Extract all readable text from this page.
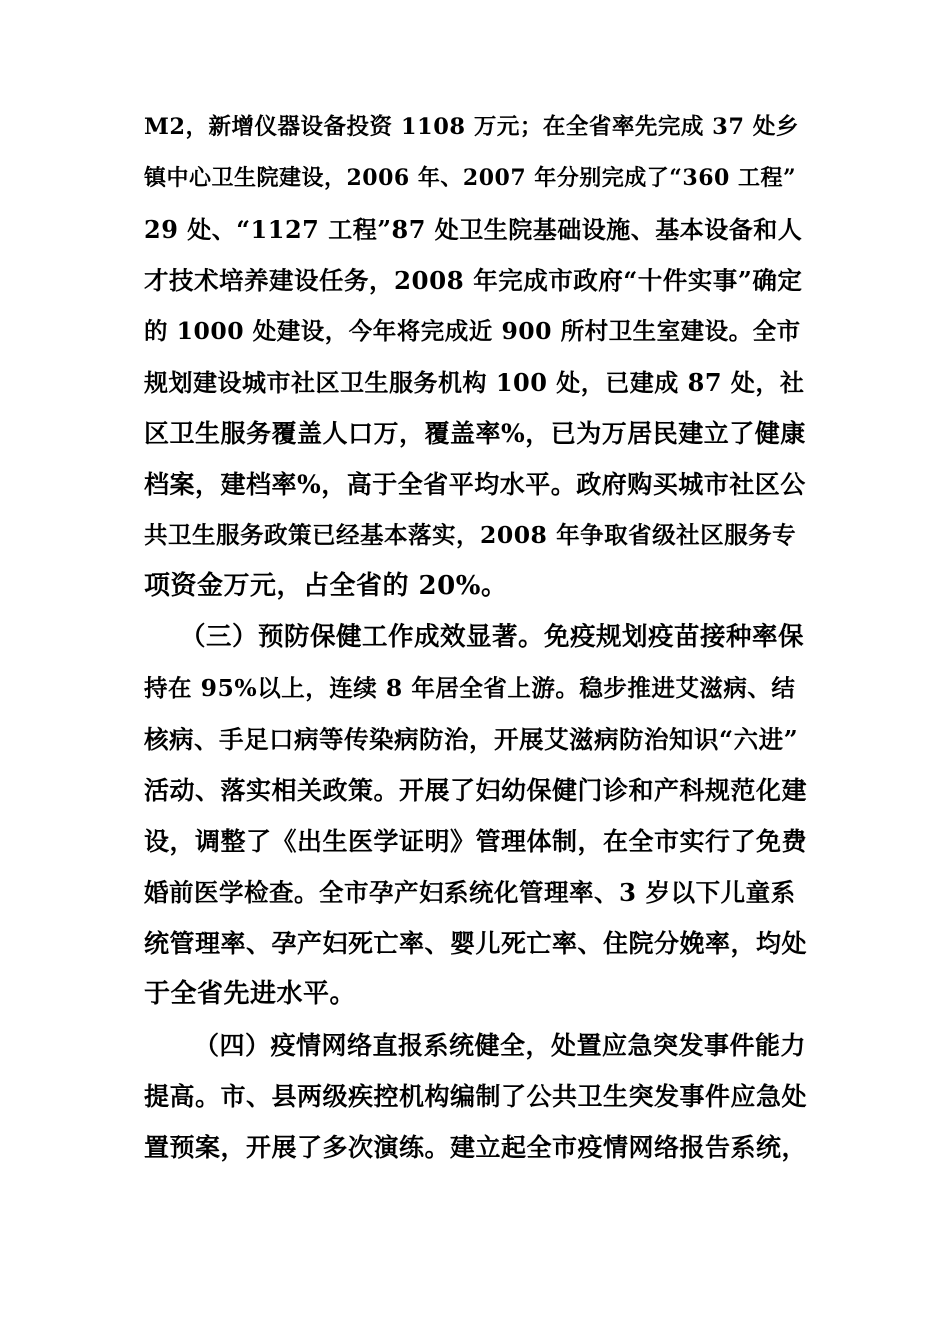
M2，新增仪器设备投资 1108 万元；在全省率先完成 37 处乡
镇中心卫生院建设，2006 年、2007 年分别完成了“360 工程”
29 处、“1127 工程”87 处卫生院基础设施、基本设备和人
才技术培养建设任务，2008 年完成市政府“十件实事”确定
的 1000 处建设，今年将完成近 900 所村卫生室建设。全市
规划建设城市社区卫生服务机构 100 处，已建成 87 处，社
区卫生服务覆盖人口万，覆盖率%，已为万居民建立了健康
档案，建档率%，高于全省平均水平。政府购买城市社区公
共卫生服务政策已经基本落实，2008 年争取省级社区服务专
项资金万元，占全省的 20%。
（三）预防保健工作成效显著。免疫规划疫苗接种率保
持在 95%以上，连续 8 年居全省上游。稳步推进艾滋病、结
核病、手足口病等传染病防治，开展艾滋病防治知识“六进”
活动、落实相关政策。开展了妇幼保健门诊和产科规范化建
设，调整了《出生医学证明》管理体制，在全市实行了免费
婚前医学检查。全市孕产妇系统化管理率、3 岁以下儿童系
统管理率、孕产妇死亡率、婴儿死亡率、住院分娩率，均处
于全省先进水平。
（四）疫情网络直报系统健全，处置应急突发事件能力
提高。市、县两级疾控机构编制了公共卫生突发事件应急处
置预案，开展了多次演练。建立起全市疫情网络报告系统，
